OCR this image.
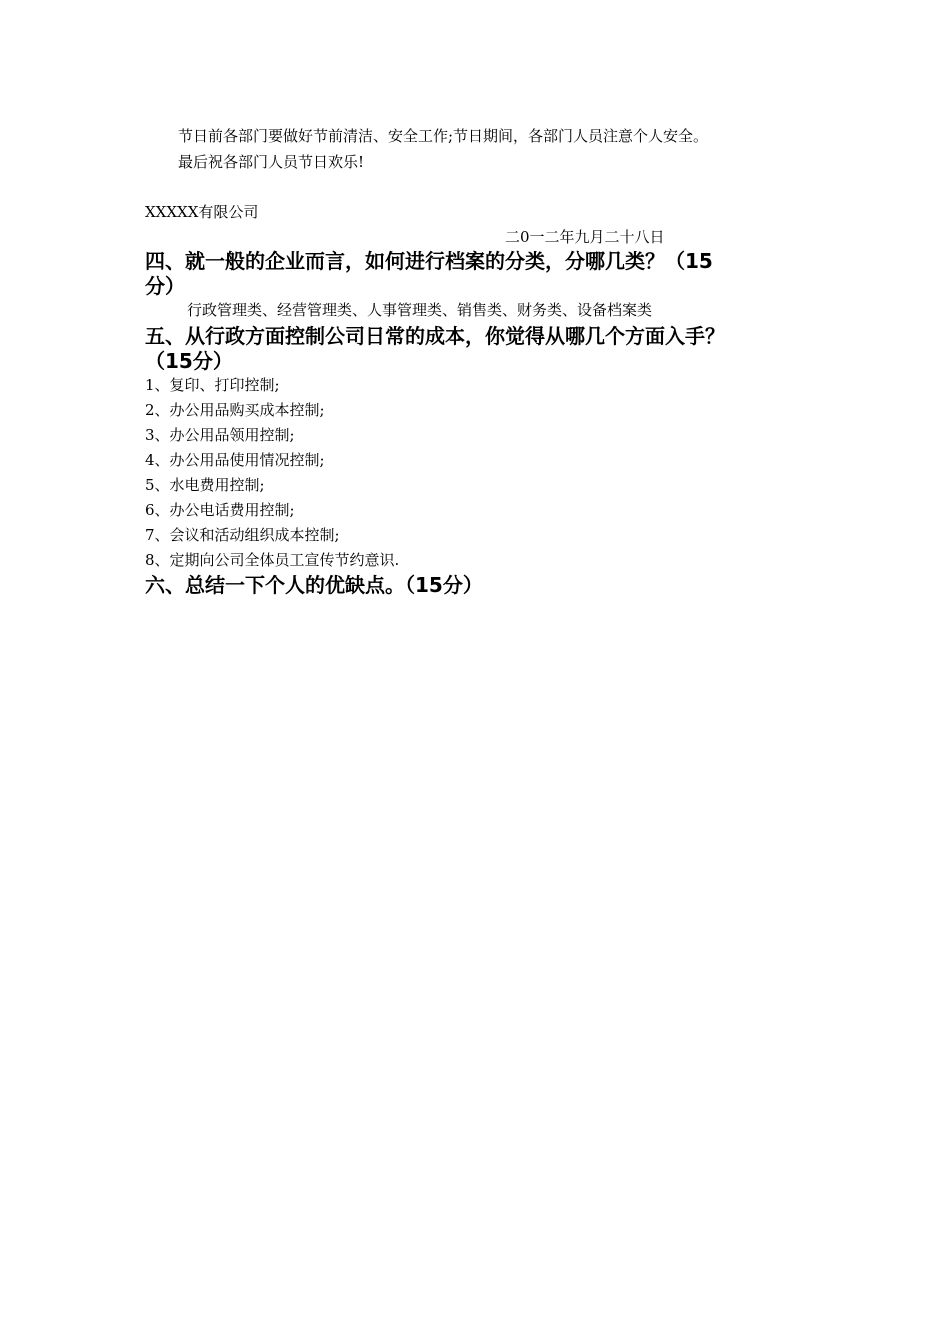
节日前各部门要做好节前清洁、安全工作;节日期间，各部门人员注意个人安全。
最后祝各部门人员节日欢乐!
XXXXX有限公司
二0一二年九月二十八日
四、就一般的企业而言，如何进行档案的分类，分哪几类？（15
分）
行政管理类、经营管理类、人事管理类、销售类、财务类、设备档案类
五、从行政方面控制公司日常的成本，你觉得从哪几个方面入手？
（15分）
1、复印、打印控制;
2、办公用品购买成本控制;
3、办公用品领用控制;
4、办公用品使用情况控制;
5、水电费用控制;
6、办公电话费用控制;
7、会议和活动组织成本控制;
8、定期向公司全体员工宣传节约意识.
六、总结一下个人的优缺点。（15分）
